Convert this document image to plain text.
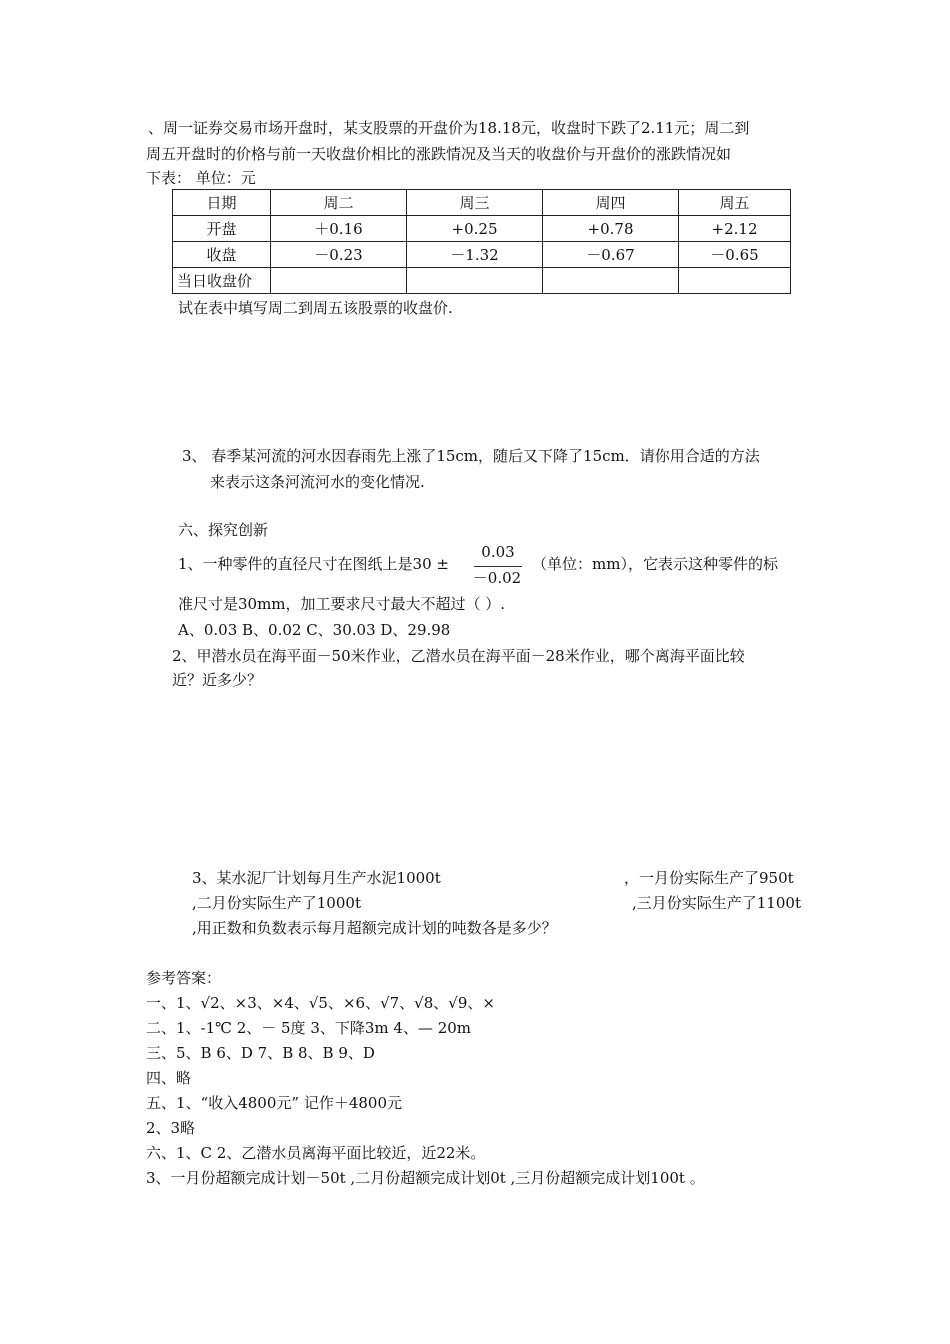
、周一证券交易市场开盘时，某支股票的开盘价为18.18元，收盘时下跌了2.11元；周二到
周五开盘时的价格与前一天收盘价相比的涨跌情况及当天的收盘价与开盘价的涨跌情况如
下表： 单位：元
日期	周二	周三	周四	周五
开盘	＋0.16	+0.25	+0.78	+2.12
收盘	－0.23	－1.32	－0.67	－0.65
当日收盘价				
试在表中填写周二到周五该股票的收盘价.
3、 春季某河流的河水因春雨先上涨了15cm，随后又下降了15cm．请你用合适的方法
来表示这条河流河水的变化情况.
六、探究创新
1、一种零件的直径尺寸在图纸上是30 ±
0.03
－0.02
（单位：mm），它表示这种零件的标
准尺寸是30mm，加工要求尺寸最大不超过（ ）.
A、0.03 B、0.02 C、30.03 D、29.98
2、甲潜水员在海平面－50米作业，乙潜水员在海平面－28米作业，哪个离海平面比较
近？近多少？
3、某水泥厂计划每月生产水泥1000t	，一月份实际生产了950t
,二月份实际生产了1000t	,三月份实际生产了1100t
,用正数和负数表示每月超额完成计划的吨数各是多少？
参考答案：
一、1、√2、×3、×4、√5、×6、√7、√8、√9、×
二、1、-1℃ 2、－ 5度 3、下降3m 4、— 20m
三、5、B 6、D 7、B 8、B 9、D
四、略
五、1、“收入4800元” 记作＋4800元
2、3略
六、1、C 2、乙潜水员离海平面比较近，近22米。
3、一月份超额完成计划－50t ,二月份超额完成计划0t ,三月份超额完成计划100t 。
